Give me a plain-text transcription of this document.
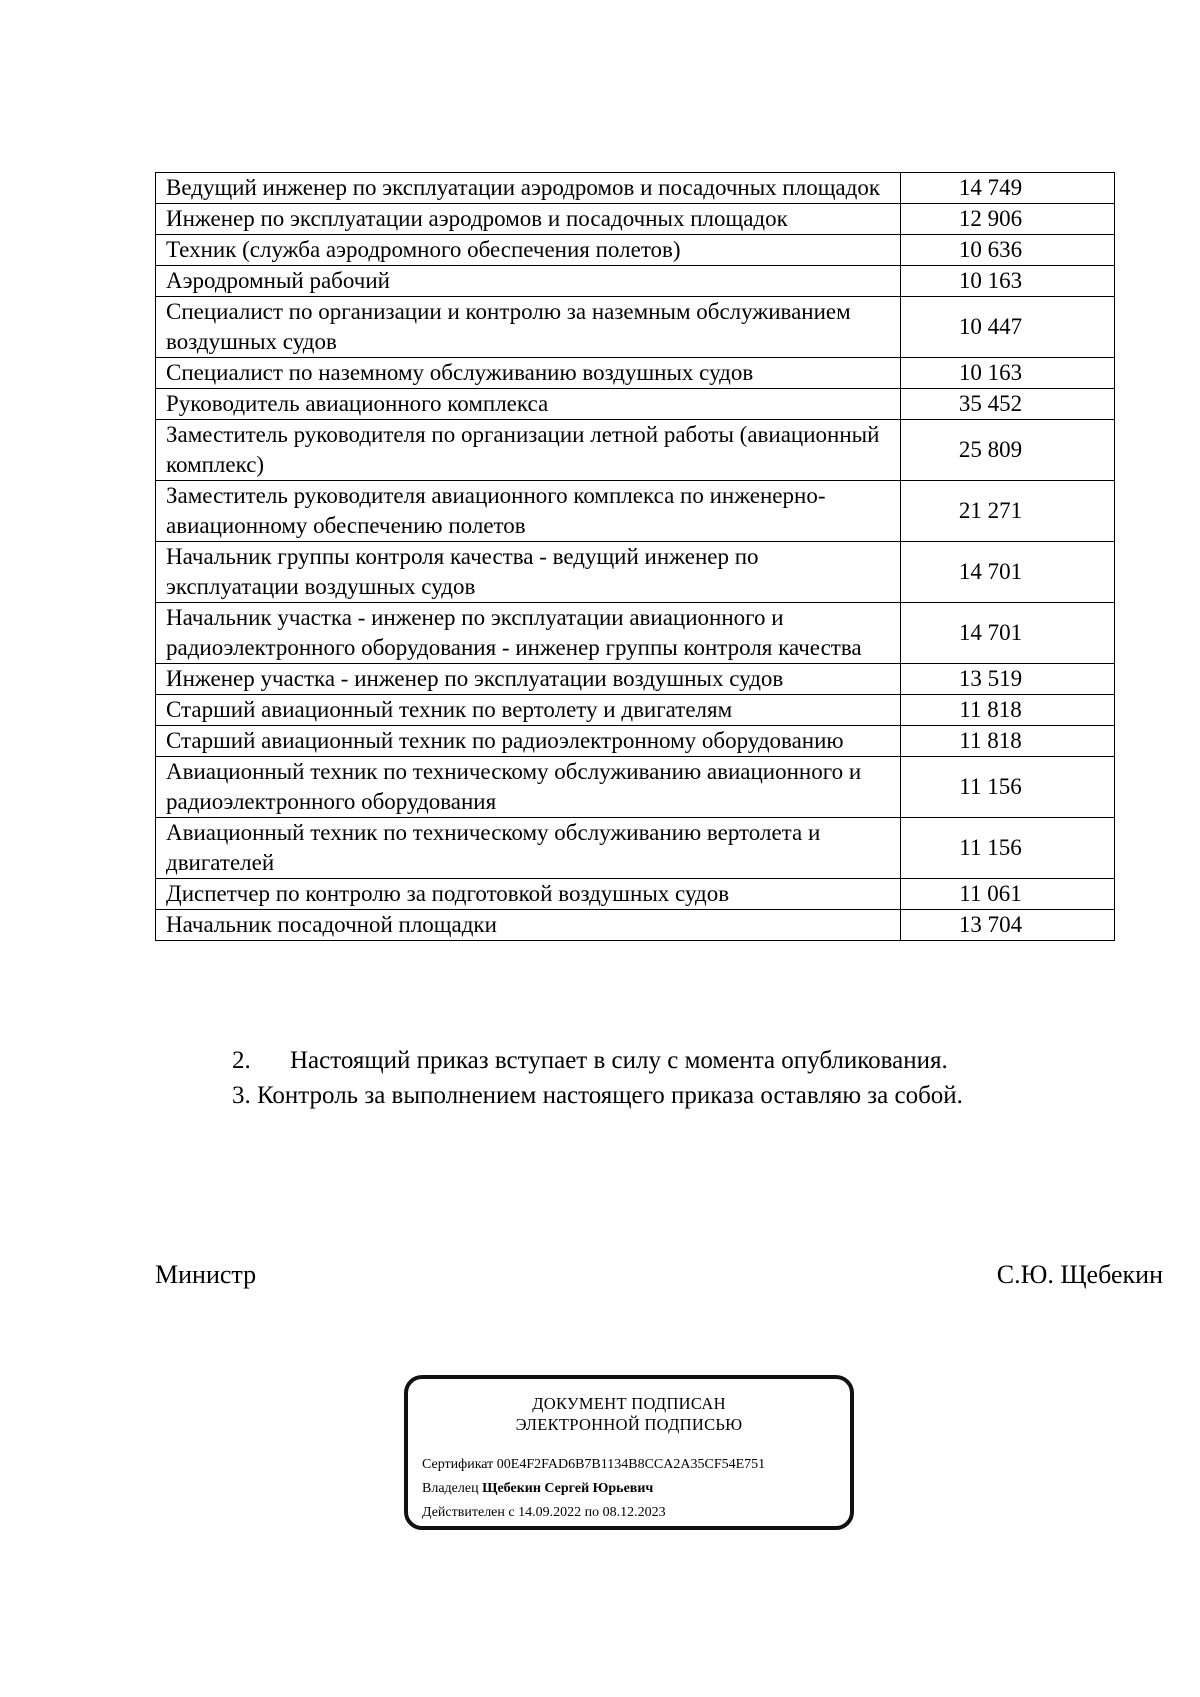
Ведущий инженер по эксплуатации аэродромов и посадочных площадок	14 749
Инженер по эксплуатации аэродромов и посадочных площадок	12 906
Техник (служба аэродромного обеспечения полетов)	10 636
Аэродромный рабочий	10 163
Специалист по организации и контролю за наземным обслуживанием воздушных судов	10 447
Специалист по наземному обслуживанию воздушных судов	10 163
Руководитель авиационного комплекса	35 452
Заместитель руководителя по организации летной работы (авиационный комплекс)	25 809
Заместитель руководителя авиационного комплекса по инженерно-авиационному обеспечению полетов	21 271
Начальник группы контроля качества - ведущий инженер по эксплуатации воздушных судов	14 701
Начальник участка - инженер по эксплуатации авиационного и радиоэлектронного оборудования - инженер группы контроля качества	14 701
Инженер участка - инженер по эксплуатации воздушных судов	13 519
Старший авиационный техник по вертолету и двигателям	11 818
Старший авиационный техник по радиоэлектронному оборудованию	11 818
Авиационный техник по техническому обслуживанию авиационного и радиоэлектронного оборудования	11 156
Авиационный техник по техническому обслуживанию вертолета и двигателей	11 156
Диспетчер по контролю за подготовкой воздушных судов	11 061
Начальник посадочной площадки	13 704
2. Настоящий приказ вступает в силу с момента опубликования.
3. Контроль за выполнением настоящего приказа оставляю за собой.
Министр	С.Ю. Щебекин
ДОКУМЕНТ ПОДПИСАН
ЭЛЕКТРОННОЙ ПОДПИСЬЮ
Сертификат 00E4F2FAD6B7B1134B8CCA2A35CF54E751
Владелец Щебекин Сергей Юрьевич
Действителен с 14.09.2022 по 08.12.2023
